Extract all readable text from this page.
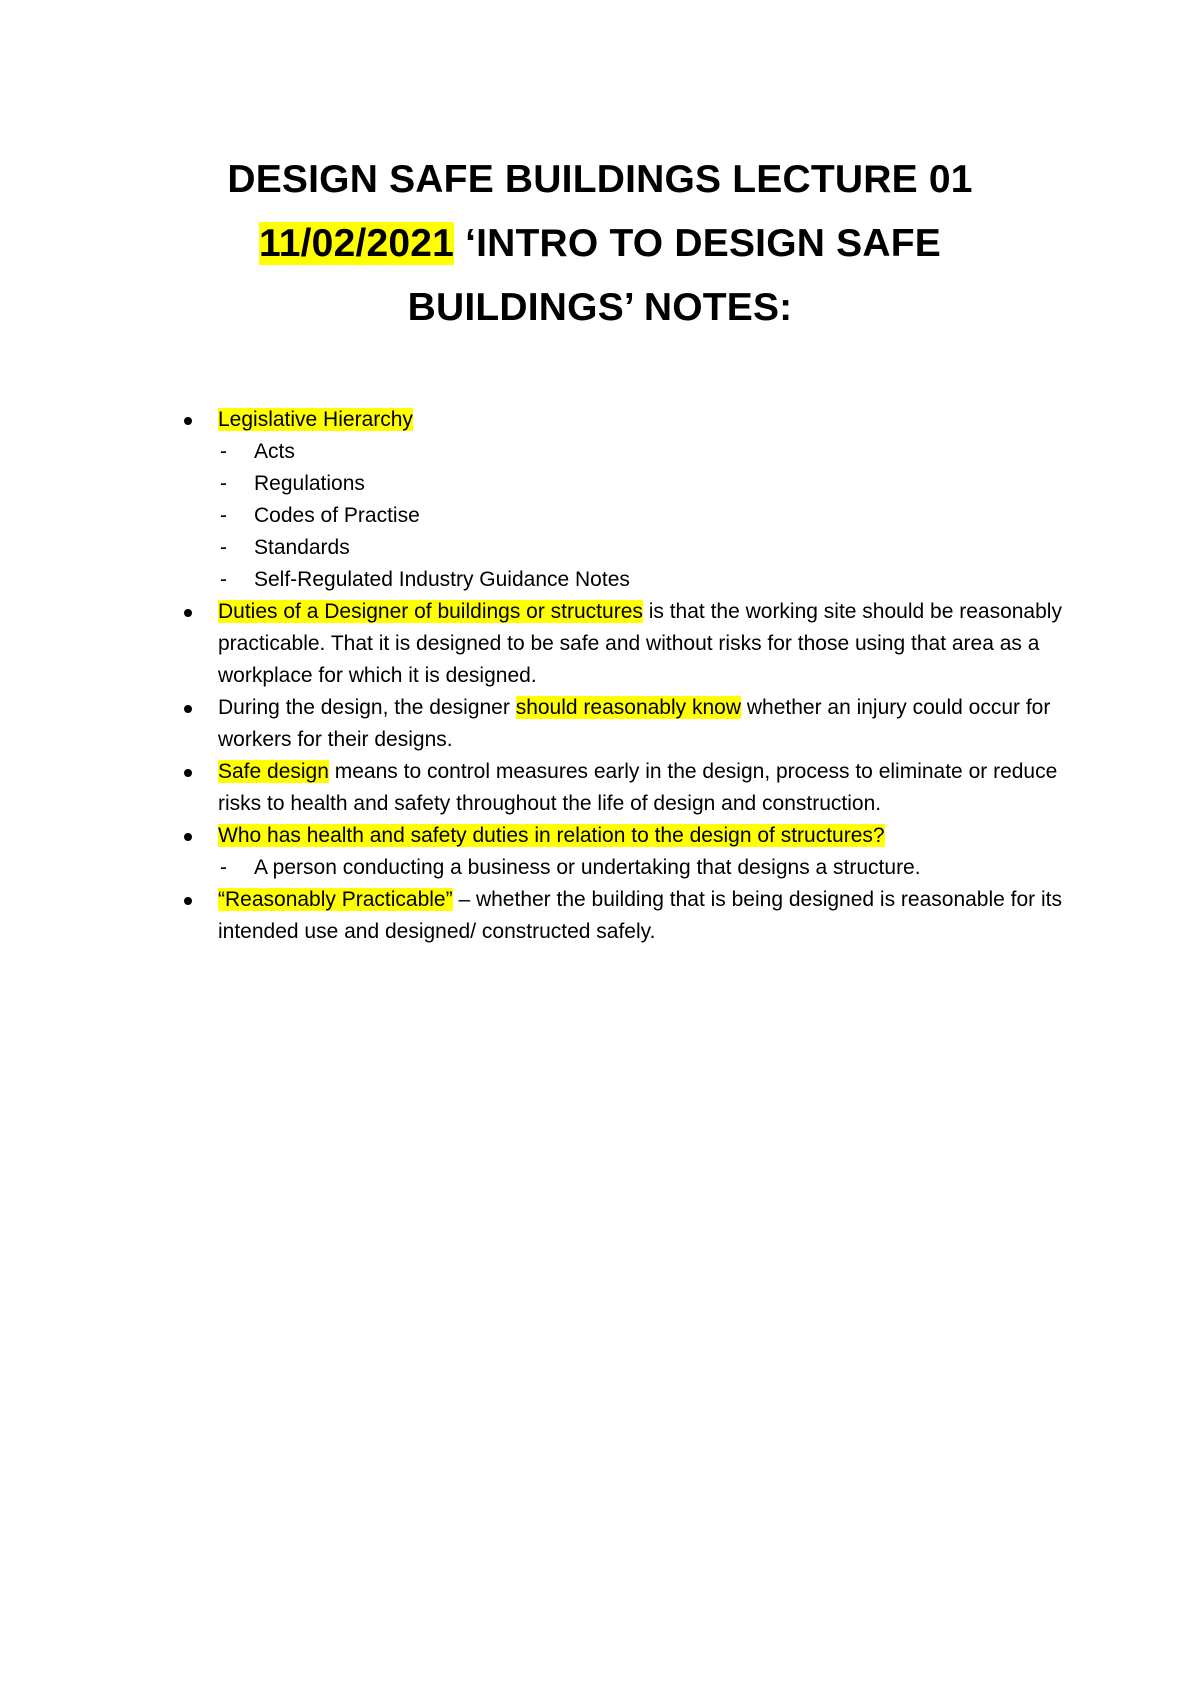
DESIGN SAFE BUILDINGS LECTURE 01
11/02/2021 ‘INTRO TO DESIGN SAFE
BUILDINGS’ NOTES:
Legislative Hierarchy
- Acts
- Regulations
- Codes of Practise
- Standards
- Self-Regulated Industry Guidance Notes
Duties of a Designer of buildings or structures is that the working site should be reasonably practicable. That it is designed to be safe and without risks for those using that area as a workplace for which it is designed.
During the design, the designer should reasonably know whether an injury could occur for workers for their designs.
Safe design means to control measures early in the design, process to eliminate or reduce risks to health and safety throughout the life of design and construction.
Who has health and safety duties in relation to the design of structures?
- A person conducting a business or undertaking that designs a structure.
“Reasonably Practicable” – whether the building that is being designed is reasonable for its intended use and designed/ constructed safely.
